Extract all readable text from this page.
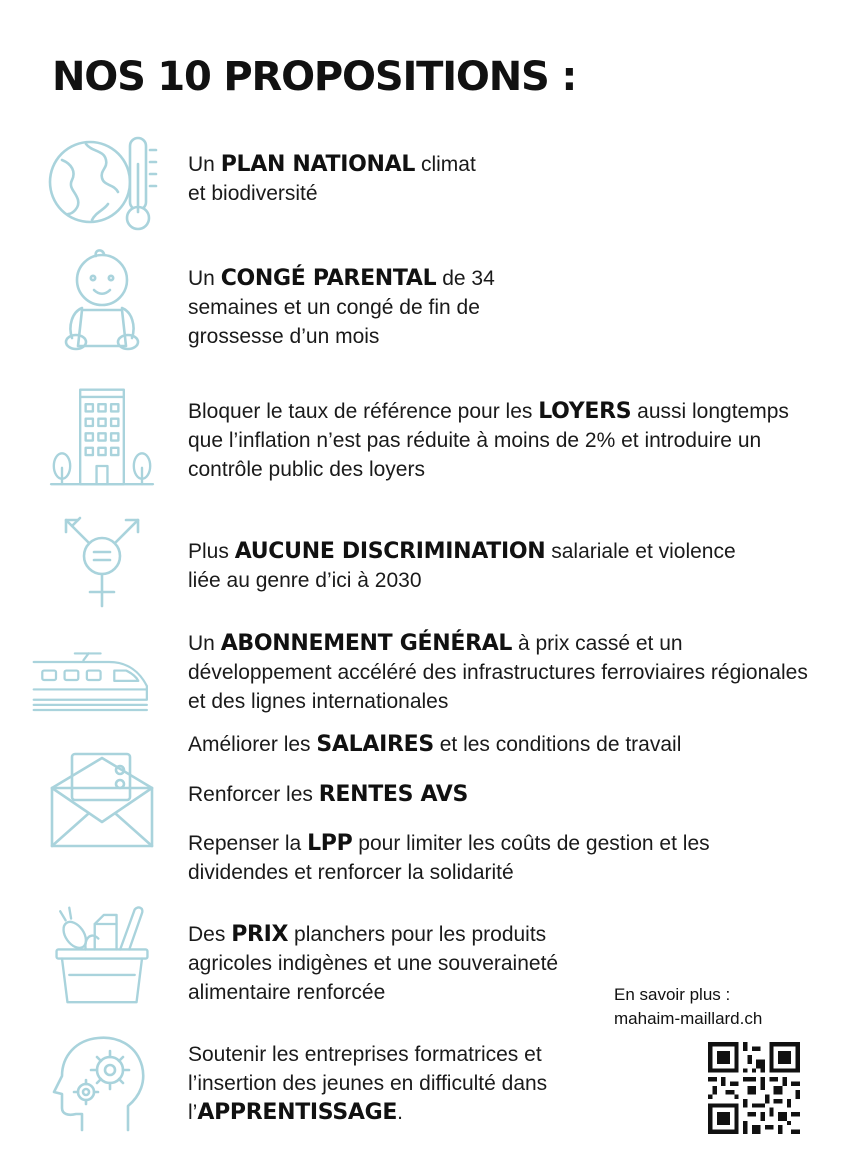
NOS 10 PROPOSITIONS :
Un PLAN NATIONAL climat et biodiversité
Un CONGÉ PARENTAL de 34 semaines et un congé de fin de grossesse d’un mois
Bloquer le taux de référence pour les LOYERS aussi longtemps que l’inflation n’est pas réduite à moins de 2% et introduire un contrôle public des loyers
Plus AUCUNE DISCRIMINATION salariale et violence liée au genre d’ici à 2030
Un ABONNEMENT GÉNÉRAL à prix cassé et un développement accéléré des infrastructures ferroviaires régionales et des lignes internationales
Améliorer les SALAIRES et les conditions de travail
Renforcer les RENTES AVS
Repenser la LPP pour limiter les coûts de gestion et les dividendes et renforcer la solidarité
Des PRIX planchers pour les produits agricoles indigènes et une souveraineté alimentaire renforcée
Soutenir les entreprises formatrices et l’insertion des jeunes en difficulté dans l’APPRENTISSAGE.
En savoir plus :
mahaim-maillard.ch
